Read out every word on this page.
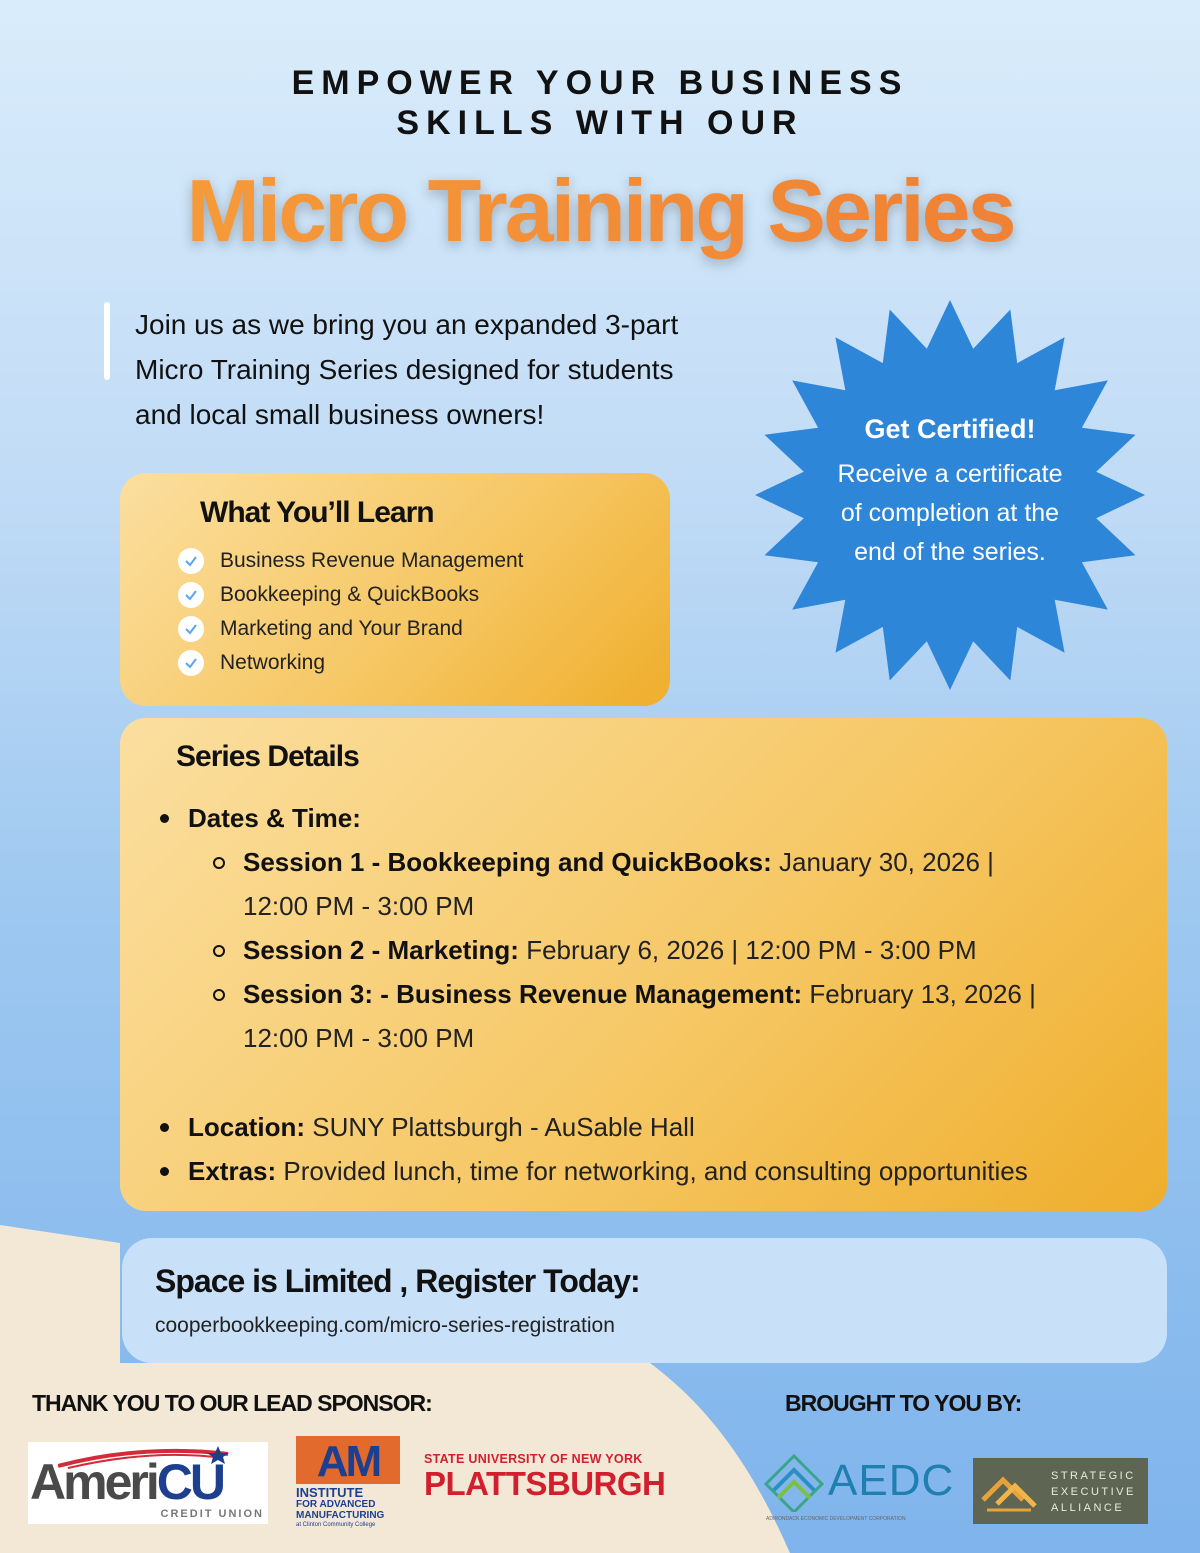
EMPOWER YOUR BUSINESS
SKILLS WITH OUR
Micro Training Series
Join us as we bring you an expanded 3-part
Micro Training Series designed for students
and local small business owners!	Get Certified!
Receive a certificate
of completion at the
end of the series.
What You’ll Learn
Business Revenue Management
Bookkeeping & QuickBooks
Marketing and Your Brand
Networking
Series Details
Dates & Time:
Session 1 - Bookkeeping and QuickBooks: January 30, 2026 |
12:00 PM - 3:00 PM
Session 2 - Marketing: February 6, 2026 | 12:00 PM - 3:00 PM
Session 3: - Business Revenue Management: February 13, 2026 |
12:00 PM - 3:00 PM
Location: SUNY Plattsburgh - AuSable Hall
Extras: Provided lunch, time for networking, and consulting opportunities
Space is Limited , Register Today:
cooperbookkeeping.com/micro-series-registration
THANK YOU TO OUR LEAD SPONSOR:	BROUGHT TO YOU BY:
AmeriCU
CREDIT UNION
AM
INSTITUTE
FOR ADVANCED
MANUFACTURING
at Clinton Community College
STATE UNIVERSITY OF NEW YORK
PLATTSBURGH	AEDC
ADIRONDACK ECONOMIC DEVELOPMENT CORPORATION
STRATEGIC
EXECUTIVE
ALLIANCE
